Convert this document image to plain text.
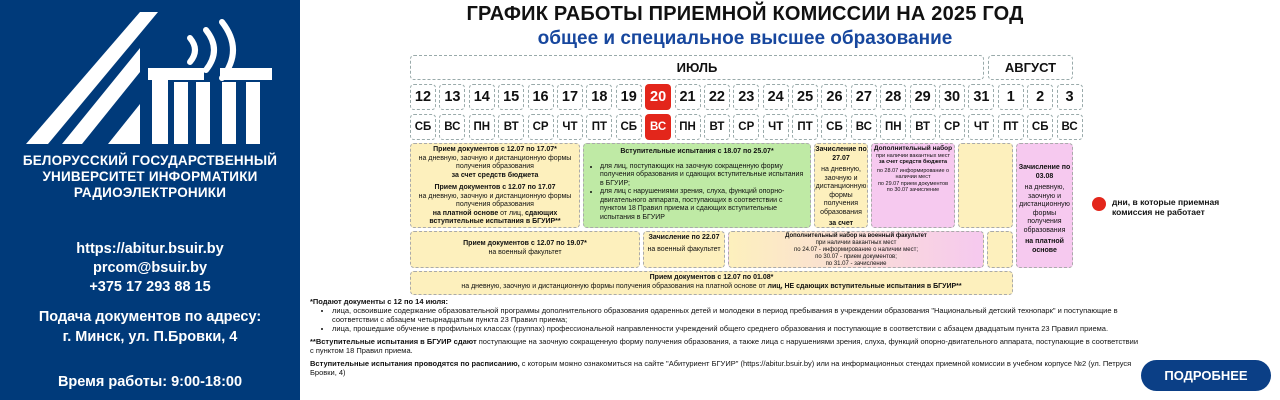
БЕЛОРУССКИЙ ГОСУДАРСТВЕННЫЙ
УНИВЕРСИТЕТ ИНФОРМАТИКИ
РАДИОЭЛЕКТРОНИКИ
https://abitur.bsuir.by
prcom@bsuir.by
+375 17 293 88 15
Подача документов по адресу:
г. Минск, ул. П.Бровки, 4
Время работы: 9:00-18:00
ГРАФИК РАБОТЫ ПРИЕМНОЙ КОМИССИИ НА 2025 ГОД
общее и специальное высшее образование
ИЮЛЬ	АВГУСТ
12 13 14 15 16 17 18 19 20 21 22 23 24 25 26 27 28 29 30 31	1	2	3
СБ	ВС	ПН	ВТ	СР	ЧТ	ПТ	СБ	ВС	ПН	ВТ	СР	ЧТ	ПТ	СБ	ВС	ПН	ВТ	СР	ЧТ	ПТ	СБ	ВС

Прием документов с 12.07 по 17.07*

на дневную, заочную и дистанционную формы получения образования

за счет средств бюджета

Прием документов с 12.07 по 17.07

на дневную, заочную и дистанционную формы получения образования

на платной основе от лиц, сдающих вступительные испытания в БГУИР**

Вступительные испытания с 18.07 по 25.07*

• для лиц, поступающих на заочную сокращенную форму получения образования и сдающих вступительные испытания в БГУИР;
• для лиц с нарушениями зрения, слуха, функций опорно-двигательного аппарата, поступающих в соответствии с пунктом 18 Правил приема и сдающих вступительные испытания в БГУИР

Зачисление по 27.07

на дневную, заочную и дистанционную формы получения образования

за счет

Дополнительный набор

при наличии вакантных мест

за счет средств бюджета

по 28.07 информирование о наличии мест

по 29.07 прием документов

по 30.07 зачисление

Зачисление по 03.08

на дневную, заочную и дистанционную формы получения образования

на платной основе

Прием документов с 12.07 по 19.07*

на военный факультет

Зачисление по 22.07

на военный факультет

Дополнительный набор на военный факультет

при наличии вакантных мест

по 24.07 - информирование о наличии мест;

по 30.07 - прием документов;

по 31.07 - зачисление

Прием документов с 12.07 по 01.08*

на дневную, заочную и дистанционную формы получения образования на платной основе от лиц, НЕ сдающих вступительные испытания в БГУИР**

дни, в которые приемная комиссия не работает

*Подают документы с 12 по 14 июля:

• лица, освоившие содержание образовательной программы дополнительного образования одаренных детей и молодежи в период пребывания в учреждении образования "Национальный детский технопарк" и поступающие в соответствии с абзацем четырнадцатым пункта 23 Правил приема;
• лица, прошедшие обучение в профильных классах (группах) профессиональной направленности учреждений общего среднего образования и поступающие в соответствии с абзацем двадцатым пункта 23 Правил приема.

**Вступительные испытания в БГУИР сдают поступающие на заочную сокращенную форму получения образования, а также лица с нарушениями зрения, слуха, функций опорно-двигательного аппарата, поступающие в соответствии с пунктом 18 Правил приема.

Вступительные испытания проводятся по расписанию, с которым можно ознакомиться на сайте "Абитуриент БГУИР" (https://abitur.bsuir.by) или на информационных стендах приемной комиссии в учебном корпусе №2 (ул. Петруся Бровки, 4)	ПОДРОБНЕЕ
